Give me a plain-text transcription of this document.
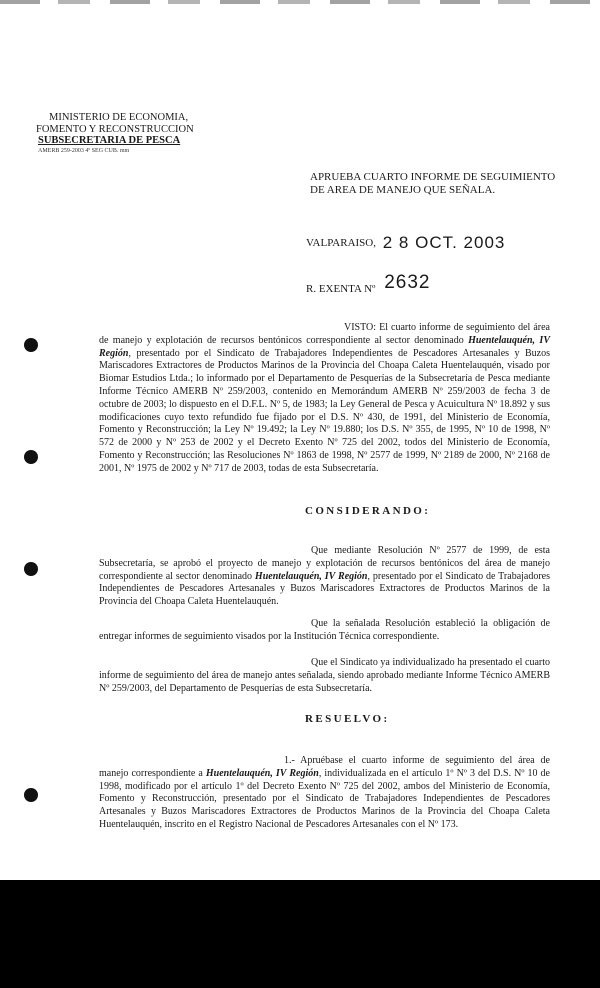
MINISTERIO DE ECONOMIA,
FOMENTO Y RECONSTRUCCION
SUBSECRETARIA DE PESCA
AMERB 259-2003 4º SEG CUB. mm
APRUEBA CUARTO INFORME DE SEGUIMIENTO
DE AREA DE MANEJO QUE SEÑALA.
VALPARAISO, 2 8 OCT. 2003
R. EXENTA Nº 2632
VISTO: El cuarto informe de seguimiento del área de manejo y explotación de recursos bentónicos correspondiente al sector denominado Huentelauquén, IV Región, presentado por el Sindicato de Trabajadores Independientes de Pescadores Artesanales y Buzos Mariscadores Extractores de Productos Marinos de la Provincia del Choapa Caleta Huentelauquén, visado por Biomar Estudios Ltda.; lo informado por el Departamento de Pesquerías de la Subsecretaría de Pesca mediante Informe Técnico AMERB Nº 259/2003, contenido en Memorándum AMERB Nº 259/2003 de fecha 3 de octubre de 2003; lo dispuesto en el D.F.L. Nº 5, de 1983; la Ley General de Pesca y Acuicultura Nº 18.892 y sus modificaciones cuyo texto refundido fue fijado por el D.S. Nº 430, de 1991, del Ministerio de Economía, Fomento y Reconstrucción; la Ley Nº 19.492; la Ley Nº 19.880; los D.S. Nº 355, de 1995, Nº 10 de 1998, Nº 572 de 2000 y Nº 253 de 2002 y el Decreto Exento Nº 725 del 2002, todos del Ministerio de Economía, Fomento y Reconstrucción; las Resoluciones Nº 1863 de 1998, Nº 2577 de 1999, Nº 2189 de 2000, Nº 2168 de 2001, Nº 1975 de 2002 y Nº 717 de 2003, todas de esta Subsecretaría.
CONSIDERANDO:
Que mediante Resolución Nº 2577 de 1999, de esta Subsecretaría, se aprobó el proyecto de manejo y explotación de recursos bentónicos del área de manejo correspondiente al sector denominado Huentelauquén, IV Región, presentado por el Sindicato de Trabajadores Independientes de Pescadores Artesanales y Buzos Mariscadores Extractores de Productos Marinos de la Provincia del Choapa Caleta Huentelauquén.
Que la señalada Resolución estableció la obligación de entregar informes de seguimiento visados por la Institución Técnica correspondiente.
Que el Sindicato ya individualizado ha presentado el cuarto informe de seguimiento del área de manejo antes señalada, siendo aprobado mediante Informe Técnico AMERB Nº 259/2003, del Departamento de Pesquerías de esta Subsecretaría.
RESUELVO:
1.- Apruébase el cuarto informe de seguimiento del área de manejo correspondiente a Huentelauquén, IV Región, individualizada en el artículo 1º Nº 3 del D.S. Nº 10 de 1998, modificado por el artículo 1º del Decreto Exento Nº 725 del 2002, ambos del Ministerio de Economía, Fomento y Reconstrucción, presentado por el Sindicato de Trabajadores Independientes de Pescadores Artesanales y Buzos Mariscadores Extractores de Productos Marinos de la Provincia del Choapa Caleta Huentelauquén, inscrito en el Registro Nacional de Pescadores Artesanales con el Nº 173.
